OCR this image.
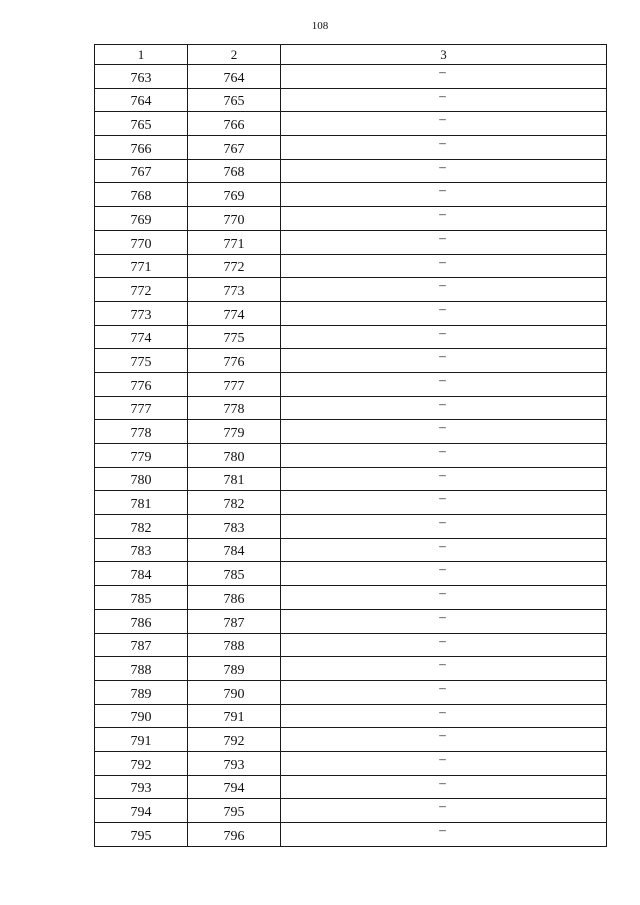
108
1	2	3
763	764	–
764	765	–
765	766	–
766	767	–
767	768	–
768	769	–
769	770	–
770	771	–
771	772	–
772	773	–
773	774	–
774	775	–
775	776	–
776	777	–
777	778	–
778	779	–
779	780	–
780	781	–
781	782	–
782	783	–
783	784	–
784	785	–
785	786	–
786	787	–
787	788	–
788	789	–
789	790	–
790	791	–
791	792	–
792	793	–
793	794	–
794	795	–
795	796	–
